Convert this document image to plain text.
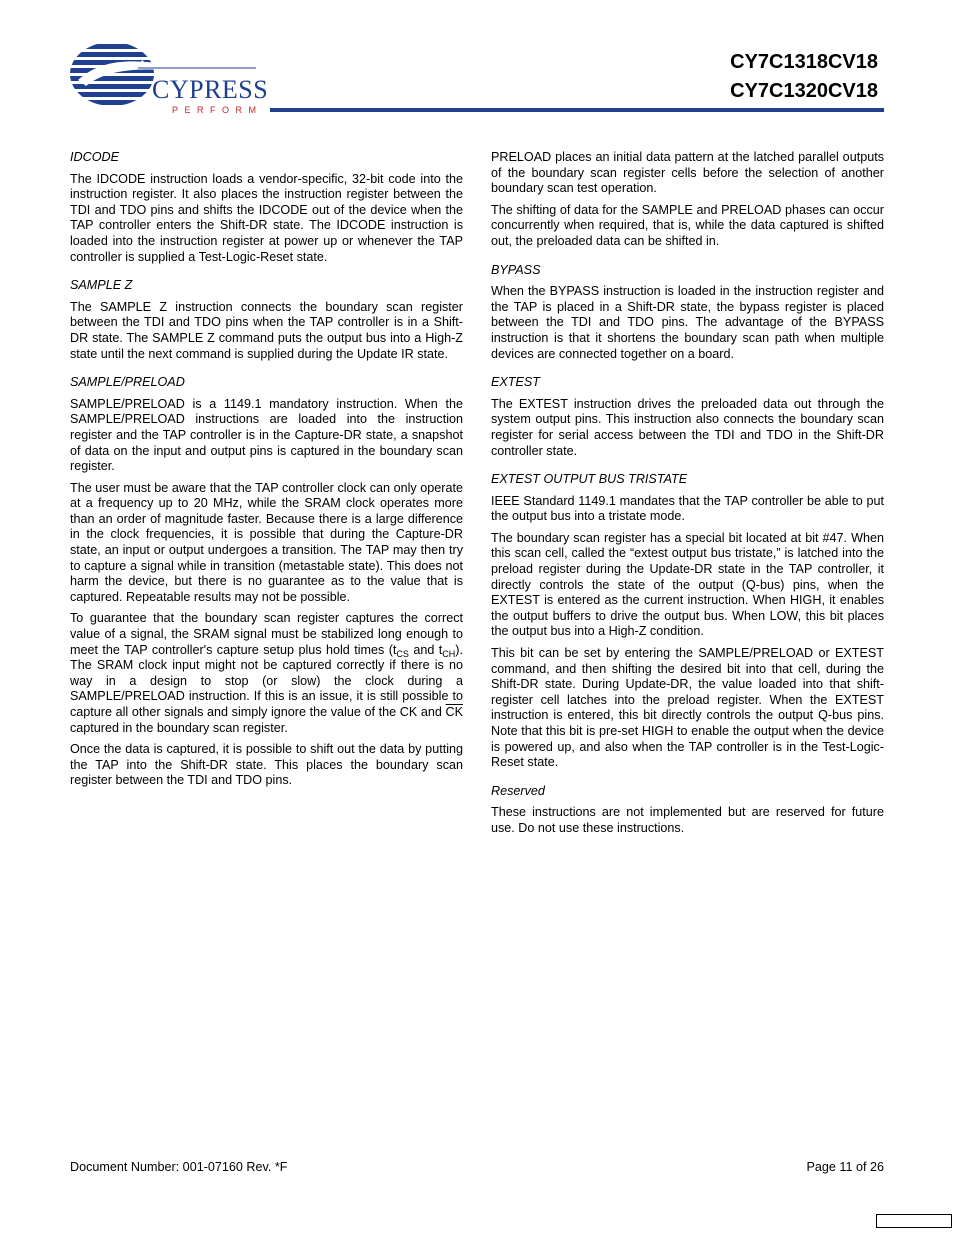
CYPRESS
PERFORM
CY7C1318CV18
CY7C1320CV18
IDCODE

The IDCODE instruction loads a vendor-specific, 32-bit code into the instruction register. It also places the instruction register between the TDI and TDO pins and shifts the IDCODE out of the device when the TAP controller enters the Shift-DR state. The IDCODE instruction is loaded into the instruction register at power up or whenever the TAP controller is supplied a Test-Logic-Reset state.

SAMPLE Z

The SAMPLE Z instruction connects the boundary scan register between the TDI and TDO pins when the TAP controller is in a Shift-DR state. The SAMPLE Z command puts the output bus into a High-Z state until the next command is supplied during the Update IR state.

SAMPLE/PRELOAD

SAMPLE/PRELOAD is a 1149.1 mandatory instruction. When the SAMPLE/PRELOAD instructions are loaded into the instruction register and the TAP controller is in the Capture-DR state, a snapshot of data on the input and output pins is captured in the boundary scan register.

The user must be aware that the TAP controller clock can only operate at a frequency up to 20 MHz, while the SRAM clock operates more than an order of magnitude faster. Because there is a large difference in the clock frequencies, it is possible that during the Capture-DR state, an input or output undergoes a transition. The TAP may then try to capture a signal while in transition (metastable state). This does not harm the device, but there is no guarantee as to the value that is captured. Repeatable results may not be possible.

To guarantee that the boundary scan register captures the correct value of a signal, the SRAM signal must be stabilized long enough to meet the TAP controller's capture setup plus hold times ($t_{CS}$ and $t_{CH}$). The SRAM clock input might not be captured correctly if there is no way in a design to stop (or slow) the clock during a SAMPLE/PRELOAD instruction. If this is an issue, it is still possible to capture all other signals and simply ignore the value of the CK and $\overline{CK}$ captured in the boundary scan register.

Once the data is captured, it is possible to shift out the data by putting the TAP into the Shift-DR state. This places the boundary scan register between the TDI and TDO pins.

PRELOAD places an initial data pattern at the latched parallel outputs of the boundary scan register cells before the selection of another boundary scan test operation.

The shifting of data for the SAMPLE and PRELOAD phases can occur concurrently when required, that is, while the data captured is shifted out, the preloaded data can be shifted in.

BYPASS

When the BYPASS instruction is loaded in the instruction register and the TAP is placed in a Shift-DR state, the bypass register is placed between the TDI and TDO pins. The advantage of the BYPASS instruction is that it shortens the boundary scan path when multiple devices are connected together on a board.

EXTEST

The EXTEST instruction drives the preloaded data out through the system output pins. This instruction also connects the boundary scan register for serial access between the TDI and TDO in the Shift-DR controller state.

EXTEST OUTPUT BUS TRISTATE

IEEE Standard 1149.1 mandates that the TAP controller be able to put the output bus into a tristate mode.

The boundary scan register has a special bit located at bit #47. When this scan cell, called the “extest output bus tristate,” is latched into the preload register during the Update-DR state in the TAP controller, it directly controls the state of the output (Q-bus) pins, when the EXTEST is entered as the current instruction. When HIGH, it enables the output buffers to drive the output bus. When LOW, this bit places the output bus into a High-Z condition.

This bit can be set by entering the SAMPLE/PRELOAD or EXTEST command, and then shifting the desired bit into that cell, during the Shift-DR state. During Update-DR, the value loaded into that shift-register cell latches into the preload register. When the EXTEST instruction is entered, this bit directly controls the output Q-bus pins. Note that this bit is pre-set HIGH to enable the output when the device is powered up, and also when the TAP controller is in the Test-Logic-Reset state.

Reserved

These instructions are not implemented but are reserved for future use. Do not use these instructions.

Document Number: 001-07160 Rev. *F	Page 11 of 26
